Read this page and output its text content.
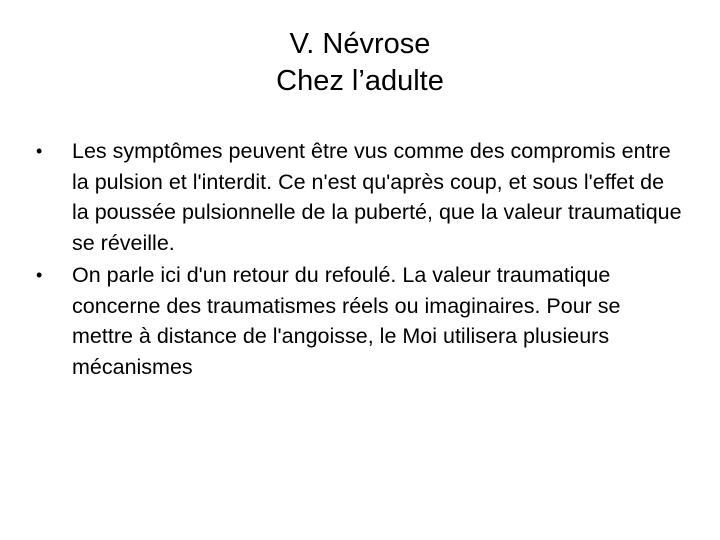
V. Névrose
Chez l’adulte
• Les symptômes peuvent être vus comme des compromis entre la pulsion et l'interdit. Ce n'est qu'après coup, et sous l'effet de la poussée pulsionnelle de la puberté, que la valeur traumatique se réveille.
• On parle ici d'un retour du refoulé. La valeur traumatique concerne des traumatismes réels ou imaginaires. Pour se mettre à distance de l'angoisse, le Moi utilisera plusieurs mécanismes
